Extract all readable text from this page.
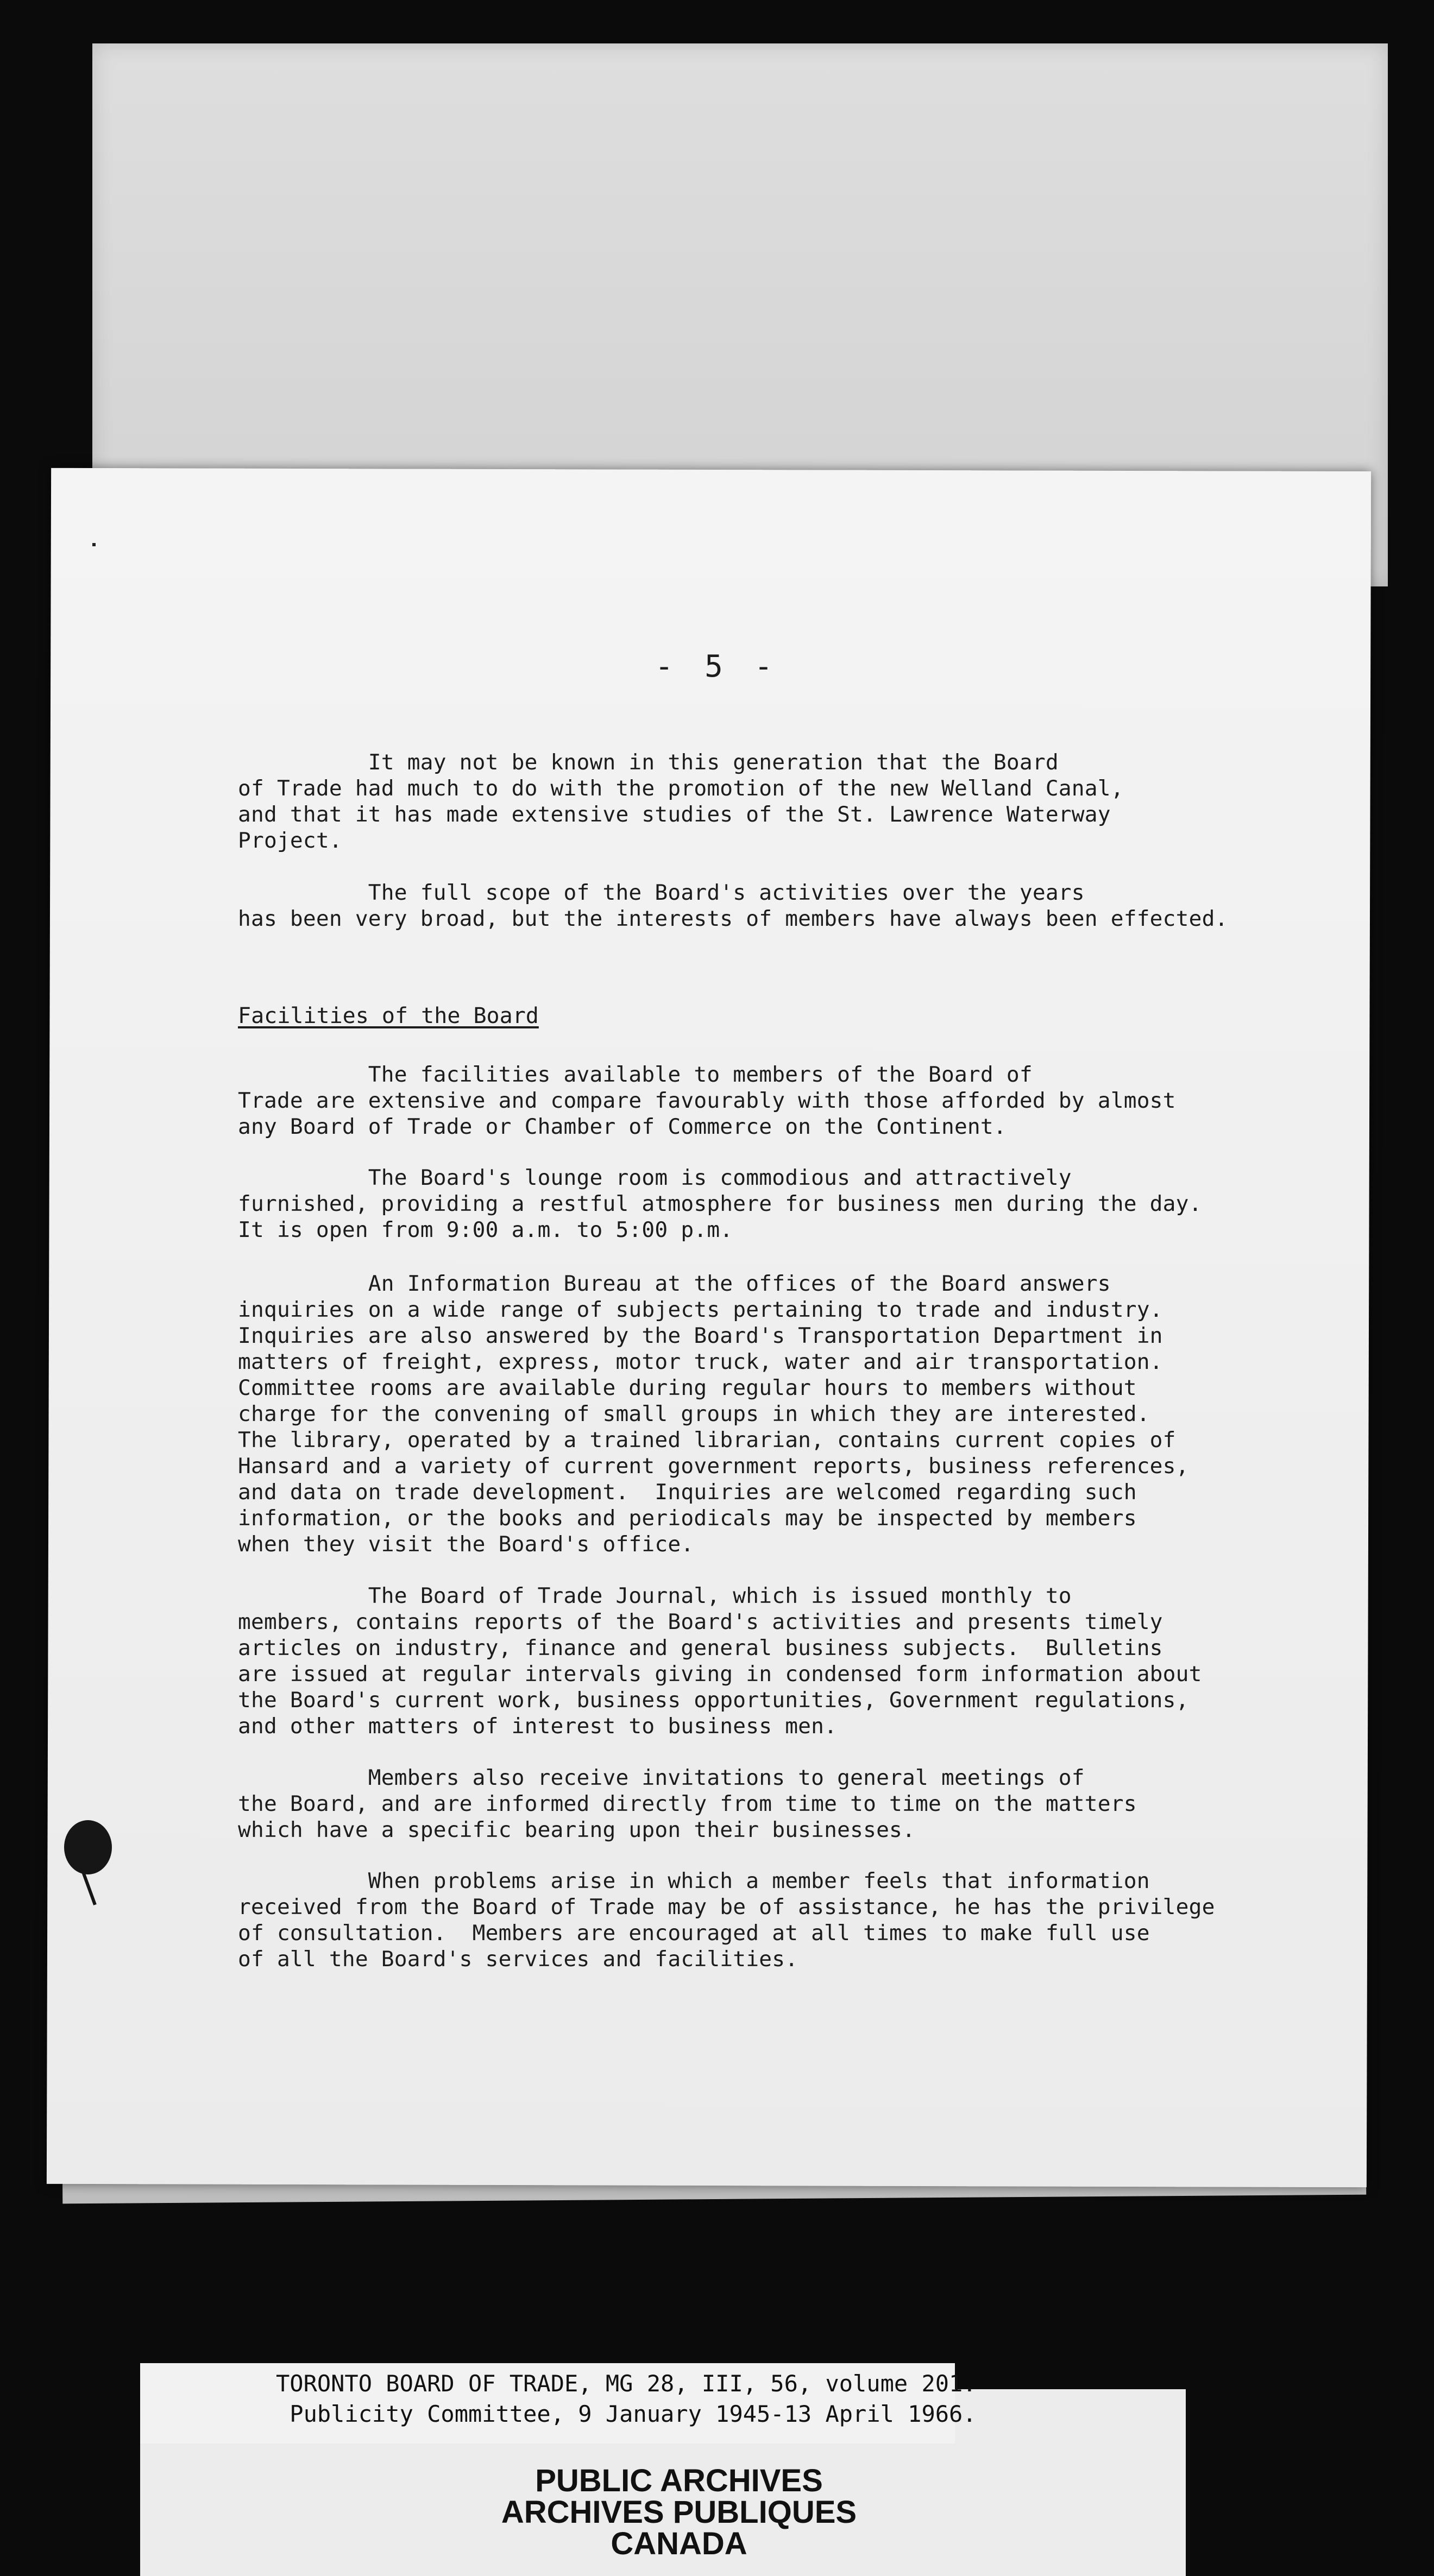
- 5 -
It may not be known in this generation that the Board
of Trade had much to do with the promotion of the new Welland Canal,
and that it has made extensive studies of the St. Lawrence Waterway
Project.
The full scope of the Board's activities over the years
has been very broad, but the interests of members have always been effected.
Facilities of the Board
The facilities available to members of the Board of
Trade are extensive and compare favourably with those afforded by almost
any Board of Trade or Chamber of Commerce on the Continent.
The Board's lounge room is commodious and attractively
furnished, providing a restful atmosphere for business men during the day.
It is open from 9:00 a.m. to 5:00 p.m.
An Information Bureau at the offices of the Board answers
inquiries on a wide range of subjects pertaining to trade and industry.
Inquiries are also answered by the Board's Transportation Department in
matters of freight, express, motor truck, water and air transportation.
Committee rooms are available during regular hours to members without
charge for the convening of small groups in which they are interested.
The library, operated by a trained librarian, contains current copies of
Hansard and a variety of current government reports, business references,
and data on trade development.  Inquiries are welcomed regarding such
information, or the books and periodicals may be inspected by members
when they visit the Board's office.
The Board of Trade Journal, which is issued monthly to
members, contains reports of the Board's activities and presents timely
articles on industry, finance and general business subjects.  Bulletins
are issued at regular intervals giving in condensed form information about
the Board's current work, business opportunities, Government regulations,
and other matters of interest to business men.
Members also receive invitations to general meetings of
the Board, and are informed directly from time to time on the matters
which have a specific bearing upon their businesses.
When problems arise in which a member feels that information
received from the Board of Trade may be of assistance, he has the privilege
of consultation.  Members are encouraged at all times to make full use
of all the Board's services and facilities.
TORONTO BOARD OF TRADE, MG 28, III, 56, volume 201.
Publicity Committee, 9 January 1945-13 April 1966.
PUBLIC ARCHIVES
ARCHIVES PUBLIQUES
CANADA
